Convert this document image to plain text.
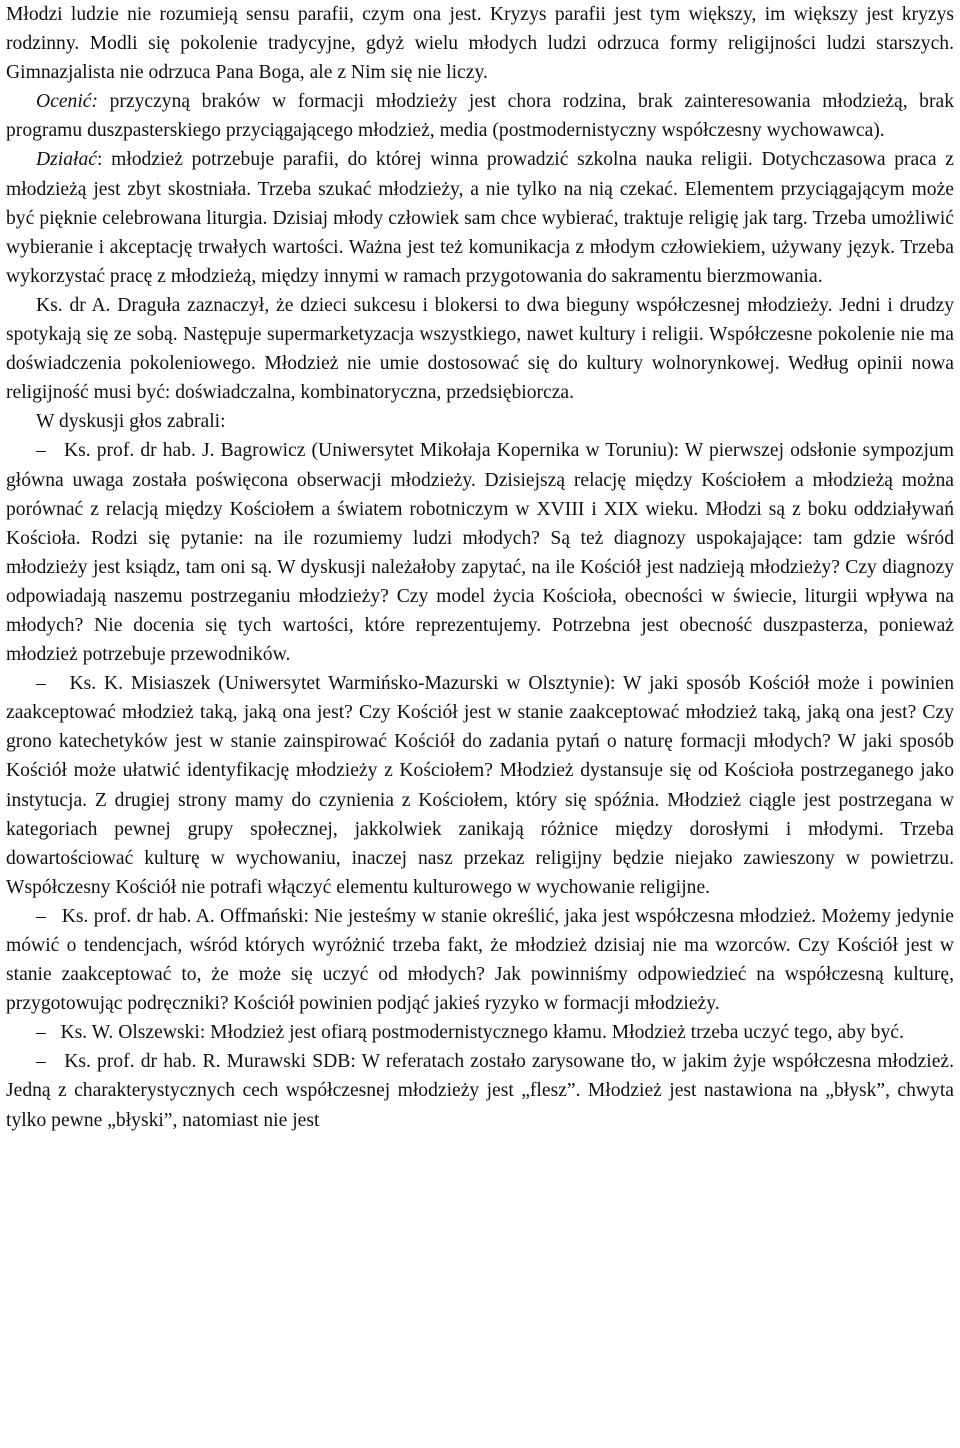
Młodzi ludzie nie rozumieją sensu parafii, czym ona jest. Kryzys parafii jest tym większy, im większy jest kryzys rodzinny. Modli się pokolenie tradycyjne, gdyż wielu młodych ludzi odrzuca formy religijności ludzi starszych. Gimnazjalista nie odrzuca Pana Boga, ale z Nim się nie liczy.

Ocenić: przyczyną braków w formacji młodzieży jest chora rodzina, brak zainteresowania młodzieżą, brak programu duszpasterskiego przyciągającego młodzież, media (postmodernistyczny współczesny wychowawca).

Działać: młodzież potrzebuje parafii, do której winna prowadzić szkolna nauka religii. Dotychczasowa praca z młodzieżą jest zbyt skostniała. Trzeba szukać młodzieży, a nie tylko na nią czekać. Elementem przyciągającym może być pięknie celebrowana liturgia. Dzisiaj młody człowiek sam chce wybierać, traktuje religię jak targ. Trzeba umożliwić wybieranie i akceptację trwałych wartości. Ważna jest też komunikacja z młodym człowiekiem, używany język. Trzeba wykorzystać pracę z młodzieżą, między innymi w ramach przygotowania do sakramentu bierzmowania.

Ks. dr A. Draguła zaznaczył, że dzieci sukcesu i blokersi to dwa bieguny współczesnej młodzieży. Jedni i drudzy spotykają się ze sobą. Następuje supermarketyzacja wszystkiego, nawet kultury i religii. Współczesne pokolenie nie ma doświadczenia pokoleniowego. Młodzież nie umie dostosować się do kultury wolnorynkowej. Według opinii nowa religijność musi być: doświadczalna, kombinatoryczna, przedsiębiorcza.

W dyskusji głos zabrali:

– Ks. prof. dr hab. J. Bagrowicz (Uniwersytet Mikołaja Kopernika w Toruniu): W pierwszej odsłonie sympozjum główna uwaga została poświęcona obserwacji młodzieży. Dzisiejszą relację między Kościołem a młodzieżą można porównać z relacją między Kościołem a światem robotniczym w XVIII i XIX wieku. Młodzi są z boku oddziaływań Kościoła. Rodzi się pytanie: na ile rozumiemy ludzi młodych? Są też diagnozy uspokajające: tam gdzie wśród młodzieży jest ksiądz, tam oni są. W dyskusji należałoby zapytać, na ile Kościół jest nadzieją młodzieży? Czy diagnozy odpowiadają naszemu postrzeganiu młodzieży? Czy model życia Kościoła, obecności w świecie, liturgii wpływa na młodych? Nie docenia się tych wartości, które reprezentujemy. Potrzebna jest obecność duszpasterza, ponieważ młodzież potrzebuje przewodników.

– Ks. K. Misiaszek (Uniwersytet Warmińsko-Mazurski w Olsztynie): W jaki sposób Kościół może i powinien zaakceptować młodzież taką, jaką ona jest? Czy Kościół jest w stanie zaakceptować młodzież taką, jaką ona jest? Czy grono katechetyków jest w stanie zainspirować Kościół do zadania pytań o naturę formacji młodych? W jaki sposób Kościół może ułatwić identyfikację młodzieży z Kościołem? Młodzież dystansuje się od Kościoła postrzeganego jako instytucja. Z drugiej strony mamy do czynienia z Kościołem, który się spóźnia. Młodzież ciągle jest postrzegana w kategoriach pewnej grupy społecznej, jakkolwiek zanikają różnice między dorosłymi i młodymi. Trzeba dowartościować kulturę w wychowaniu, inaczej nasz przekaz religijny będzie niejako zawieszony w powietrzu. Współczesny Kościół nie potrafi włączyć elementu kulturowego w wychowanie religijne.

– Ks. prof. dr hab. A. Offmański: Nie jesteśmy w stanie określić, jaka jest współczesna młodzież. Możemy jedynie mówić o tendencjach, wśród których wyróżnić trzeba fakt, że młodzież dzisiaj nie ma wzorców. Czy Kościół jest w stanie zaakceptować to, że może się uczyć od młodych? Jak powinniśmy odpowiedzieć na współczesną kulturę, przygotowując podręczniki? Kościół powinien podjąć jakieś ryzyko w formacji młodzieży.

– Ks. W. Olszewski: Młodzież jest ofiarą postmodernistycznego kłamu. Młodzież trzeba uczyć tego, aby być.

– Ks. prof. dr hab. R. Murawski SDB: W referatach zostało zarysowane tło, w jakim żyje współczesna młodzież. Jedną z charakterystycznych cech współczesnej młodzieży jest „flesz”. Młodzież jest nastawiona na „błysk”, chwyta tylko pewne „błyski”, natomiast nie jest
